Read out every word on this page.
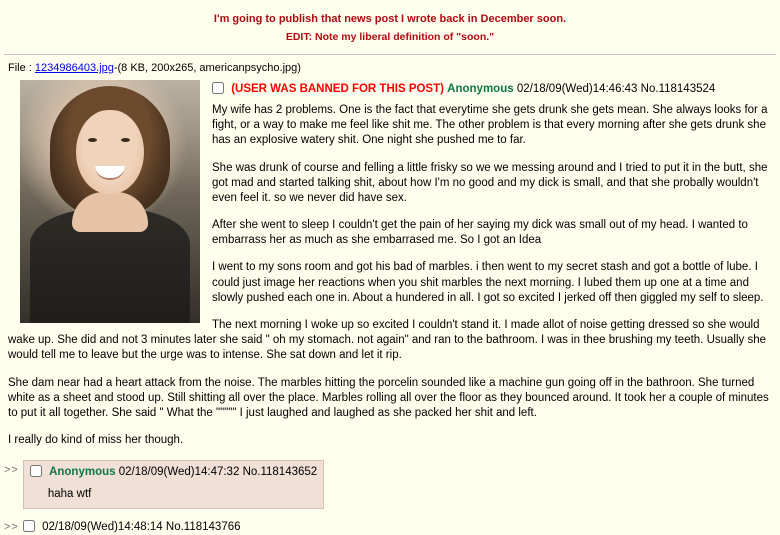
I'm going to publish that news post I wrote back in December soon.
EDIT: Note my liberal definition of "soon."
File : 1234986403.jpg-(8 KB, 200x265, americanpsycho.jpg)
(USER WAS BANNED FOR THIS POST) Anonymous 02/18/09(Wed)14:46:43 No.118143524

My wife has 2 problems. One is the fact that everytime she gets drunk she gets mean. She always looks for a fight, or a way to make me feel like shit me. The other problem is that every morning after she gets drunk she has an explosive watery shit. One night she pushed me to far.

She was drunk of course and felling a little frisky so we we messing around and I tried to put it in the butt, she got mad and started talking shit, about how I'm no good and my dick is small, and that she probally wouldn't even feel it. so we never did have sex.

After she went to sleep I couldn't get the pain of her saying my dick was small out of my head. I wanted to embarrass her as much as she embarrased me. So I got an Idea

I went to my sons room and got his bad of marbles. i then went to my secret stash and got a bottle of lube. I could just image her reactions when you shit marbles the next morning. I lubed them up one at a time and slowly pushed each one in. About a hundered in all. I got so excited I jerked off then giggled my self to sleep.

The next morning I woke up so excited I couldn't stand it. I made allot of noise getting dressed so she would wake up. She did and not 3 minutes later she said " oh my stomach. not again" and ran to the bathroom. I was in thee brushing my teeth. Usually she would tell me to leave but the urge was to intense. She sat down and let it rip.

She dam near had a heart attack from the noise. The marbles hitting the porcelin sounded like a machine gun going off in the bathroon. She turned white as a sheet and stood up. Still shitting all over the place. Marbles rolling all over the floor as they bounced around. It took her a couple of minutes to put it all together. She said " What the """"" I just laughed and laughed as she packed her shit and left.

I really do kind of miss her though.

>>	Anonymous 02/18/09(Wed)14:47:32 No.118143652
haha wtf
>>	02/18/09(Wed)14:48:14 No.118143766
